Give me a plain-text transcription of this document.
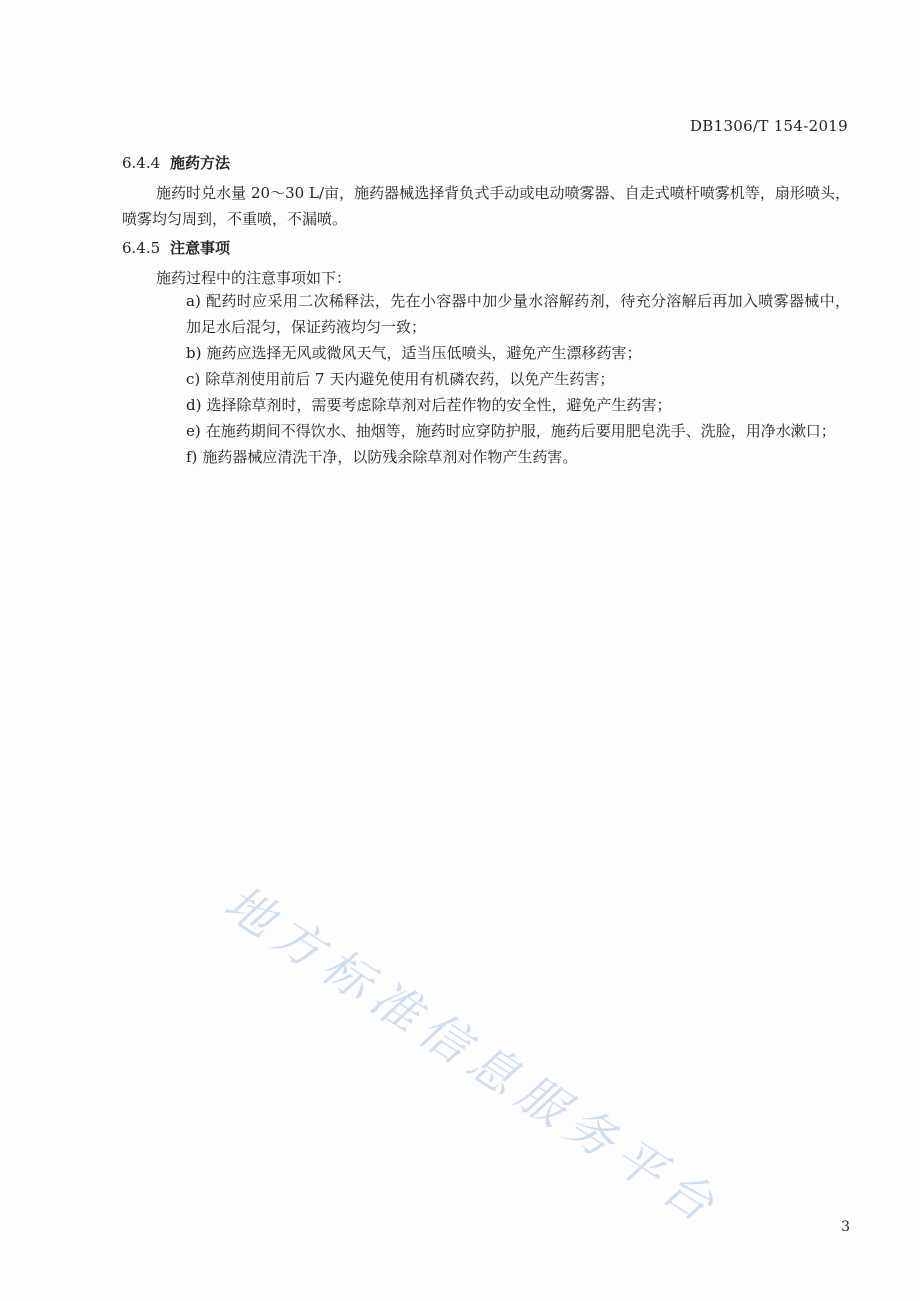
DB1306/T 154-2019
6.4.4 施药方法

施药时兑水量 20～30 L/亩，施药器械选择背负式手动或电动喷雾器、自走式喷杆喷雾机等，扇形喷头，喷雾均匀周到，不重喷，不漏喷。

6.4.5 注意事项

施药过程中的注意事项如下：

a) 配药时应采用二次稀释法，先在小容器中加少量水溶解药剂，待充分溶解后再加入喷雾器械中，加足水后混匀，保证药液均匀一致；
b) 施药应选择无风或微风天气，适当压低喷头，避免产生漂移药害；
c) 除草剂使用前后 7 天内避免使用有机磷农药，以免产生药害；
d) 选择除草剂时，需要考虑除草剂对后茬作物的安全性，避免产生药害；
e) 在施药期间不得饮水、抽烟等，施药时应穿防护服，施药后要用肥皂洗手、洗脸，用净水漱口；
f) 施药器械应清洗干净，以防残余除草剂对作物产生药害。
地方标准信息服务平台	3
